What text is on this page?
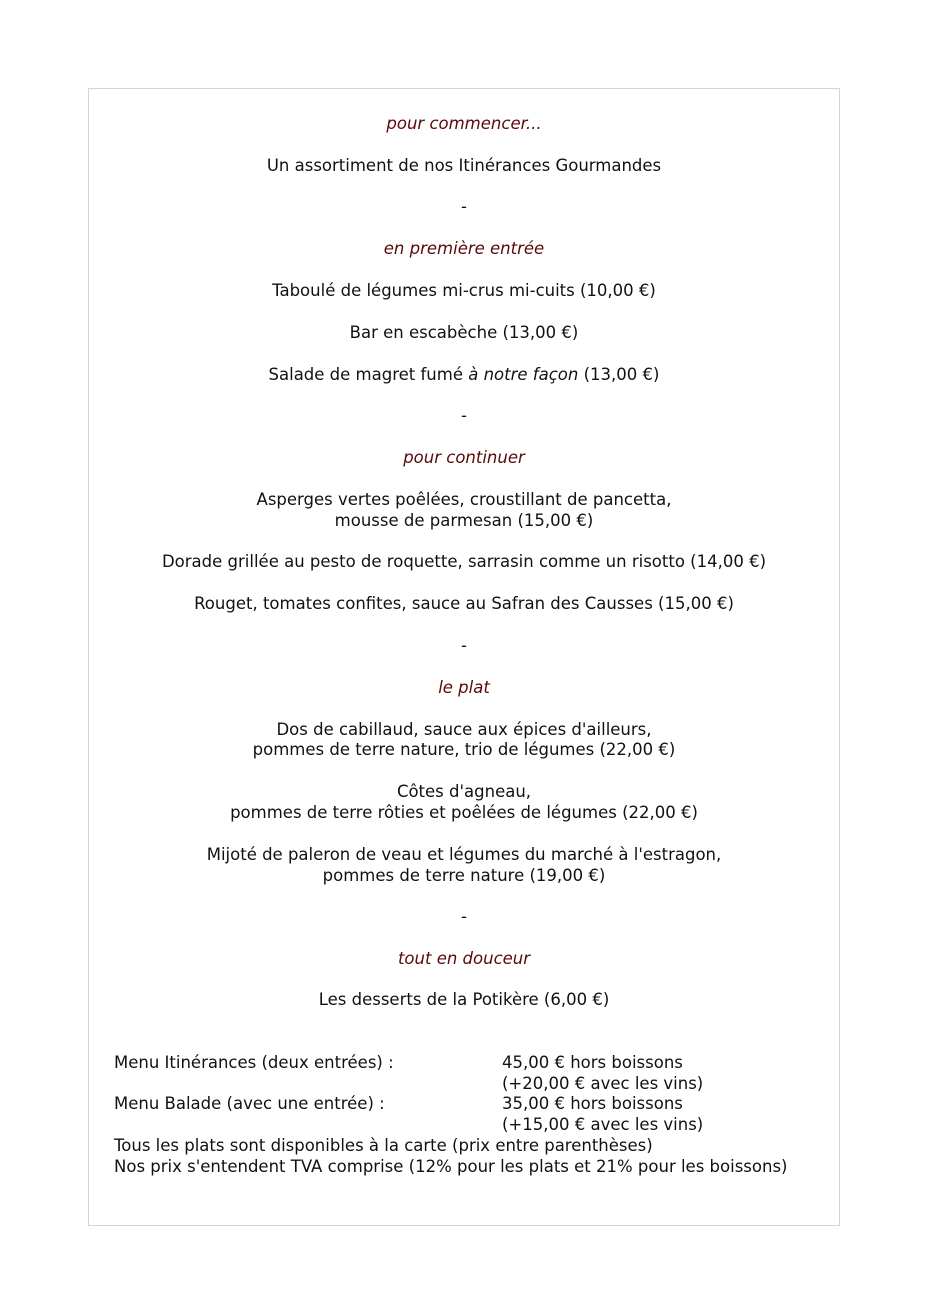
pour commencer...
Un assortiment de nos Itinérances Gourmandes
-
en première entrée
Taboulé de légumes mi-crus mi-cuits (10,00 €)
Bar en escabèche (13,00 €)
Salade de magret fumé à notre façon (13,00 €)
-
pour continuer
Asperges vertes poêlées, croustillant de pancetta,
mousse de parmesan (15,00 €)
Dorade grillée au pesto de roquette, sarrasin comme un risotto (14,00 €)
Rouget, tomates confites, sauce au Safran des Causses (15,00 €)
-
le plat
Dos de cabillaud, sauce aux épices d'ailleurs,
pommes de terre nature, trio de légumes (22,00 €)
Côtes d'agneau,
pommes de terre rôties et poêlées de légumes (22,00 €)
Mijoté de paleron de veau et légumes du marché à l'estragon,
pommes de terre nature (19,00 €)
-
tout en douceur
Les desserts de la Potikère (6,00 €)
Menu Itinérances (deux entrées) :	45,00 € hors boissons
(+20,00 € avec les vins)
Menu Balade (avec une entrée) :	35,00 € hors boissons
(+15,00 € avec les vins)
Tous les plats sont disponibles à la carte (prix entre parenthèses)
Nos prix s'entendent TVA comprise (12% pour les plats et 21% pour les boissons)
